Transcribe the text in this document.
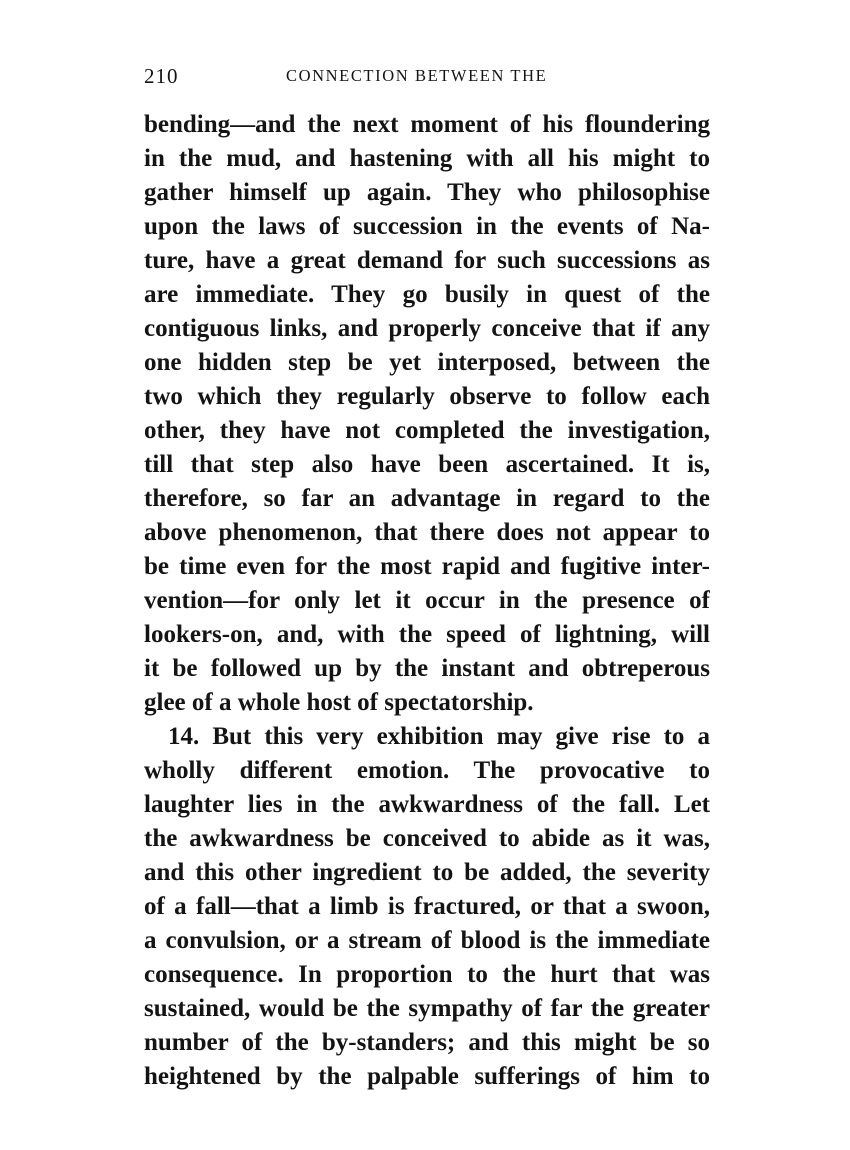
210	CONNECTION BETWEEN THE
bending—and the next moment of his floundering
in the mud, and hastening with all his might to
gather himself up again. They who philosophise
upon the laws of succession in the events of Na-
ture, have a great demand for such successions as
are immediate. They go busily in quest of the
contiguous links, and properly conceive that if any
one hidden step be yet interposed, between the
two which they regularly observe to follow each
other, they have not completed the investigation,
till that step also have been ascertained. It is,
therefore, so far an advantage in regard to the
above phenomenon, that there does not appear to
be time even for the most rapid and fugitive inter-
vention—for only let it occur in the presence of
lookers-on, and, with the speed of lightning, will
it be followed up by the instant and obtreperous
glee of a whole host of spectatorship.
14. But this very exhibition may give rise to a
wholly different emotion. The provocative to
laughter lies in the awkwardness of the fall. Let
the awkwardness be conceived to abide as it was,
and this other ingredient to be added, the severity
of a fall—that a limb is fractured, or that a swoon,
a convulsion, or a stream of blood is the immediate
consequence. In proportion to the hurt that was
sustained, would be the sympathy of far the greater
number of the by-standers; and this might be so
heightened by the palpable sufferings of him to
